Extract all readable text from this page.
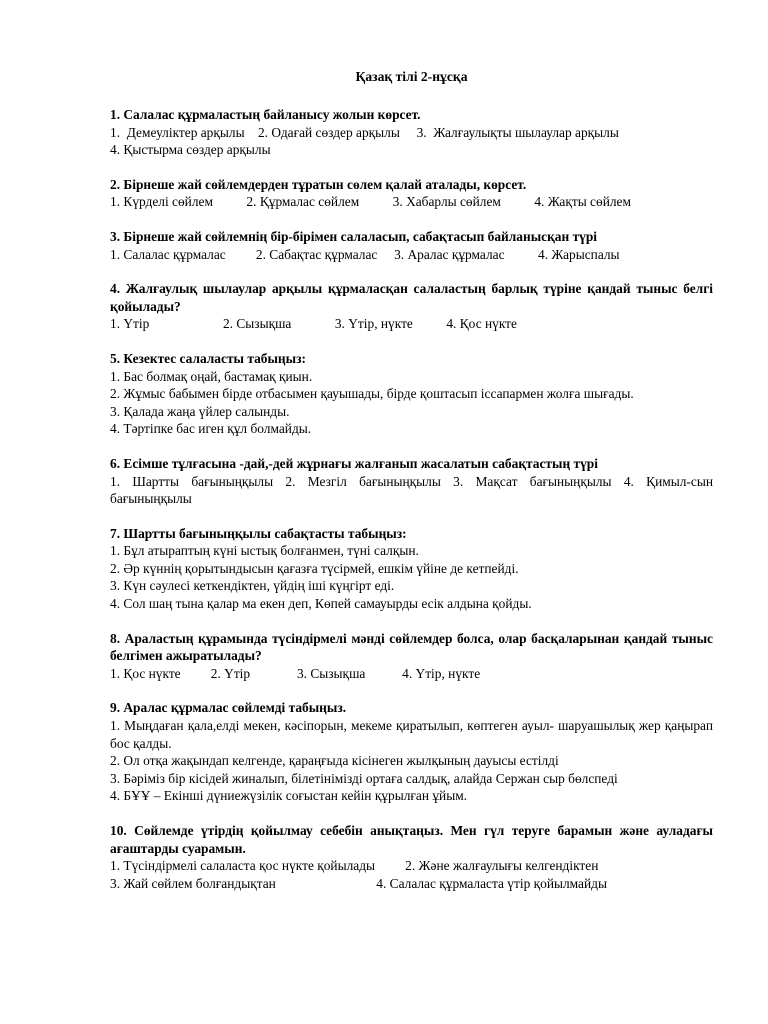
Қазақ тілі 2-нұсқа
1. Салалас құрмаластың байланысу жолын көрсет.
1.  Демеуліктер арқылы    2. Одағай сөздер арқылы     3.  Жалғаулықты шылаулар арқылы
4. Қыстырма сөздер арқылы
2. Бірнеше жай сөйлемдерден тұратын сөлем қалай аталады, көрсет.
1. Күрделі сөйлем          2. Құрмалас сөйлем          3. Хабарлы сөйлем          4. Жақты сөйлем
3. Бірнеше жай сөйлемнің бір-бірімен салаласып, сабақтасып байланысқан түрі
1. Салалас құрмалас         2. Сабақтас құрмалас     3. Аралас құрмалас          4. Жарыспалы
4. Жалғаулық шылаулар арқылы құрмаласқан салаластың барлық түріне қандай тыныс белгі қойылады?
1. Үтір                      2. Сызықша             3. Үтір, нүкте          4. Қос нүкте
5. Кезектес салаласты табыңыз:
1. Бас болмақ оңай, бастамақ қиын.
2. Жұмыс бабымен бірде отбасымен қауышады, бірде қоштасып іссапармен жолға шығады.
3. Қалада жаңа үйлер салынды.
4. Тәртіпке бас иген құл болмайды.
6. Есімше тұлғасына -дай,-дей жұрнағы жалғанып жасалатын сабақтастың түрі
1. Шартты бағыныңқылы 2. Мезгіл бағыныңқылы 3. Мақсат бағыныңқылы 4. Қимыл-сын бағыныңқылы
7. Шартты бағыныңқылы сабақтасты табыңыз:
1. Бұл атыраптың күні ыстық болғанмен, түні салқын.
2. Әр күннің қорытындысын қағазға түсірмей, ешкім үйіне де кетпейді.
3. Күн сәулесі кеткендіктен, үйдің іші күңгірт еді.
4. Сол шаң тына қалар ма екен деп, Көпей самауырды есік алдына қойды.
8. Араластың құрамында түсіндірмелі мәнді сөйлемдер болса, олар басқаларынан қандай тыныс белгімен ажыратылады?
1. Қос нүкте         2. Үтір              3. Сызықша           4. Үтір, нүкте
9. Аралас құрмалас сөйлемді табыңыз.
1. Мыңдаған қала,елді мекен, кәсіпорын, мекеме қиратылып, көптеген ауыл- шаруашылық жер қаңырап бос қалды.
2. Ол отқа жақындап келгенде, қараңғыда кісінеген жылқының дауысы естілді
3. Бәріміз бір кісідей жиналып, білетінімізді ортаға салдық, алайда Сержан сыр бөлспеді
4. БҰҰ – Екінші дүниежүзілік соғыстан кейін құрылған ұйым.
10. Сөйлемде үтірдің қойылмау себебін анықтаңыз. Мен гүл теруге барамын және ауладағы ағаштарды суарамын.
1. Түсіндірмелі салаласта қос нүкте қойылады         2. Және жалғаулығы келгендіктен
3. Жай сөйлем болғандықтан                              4. Салалас құрмаласта үтір қойылмайды
